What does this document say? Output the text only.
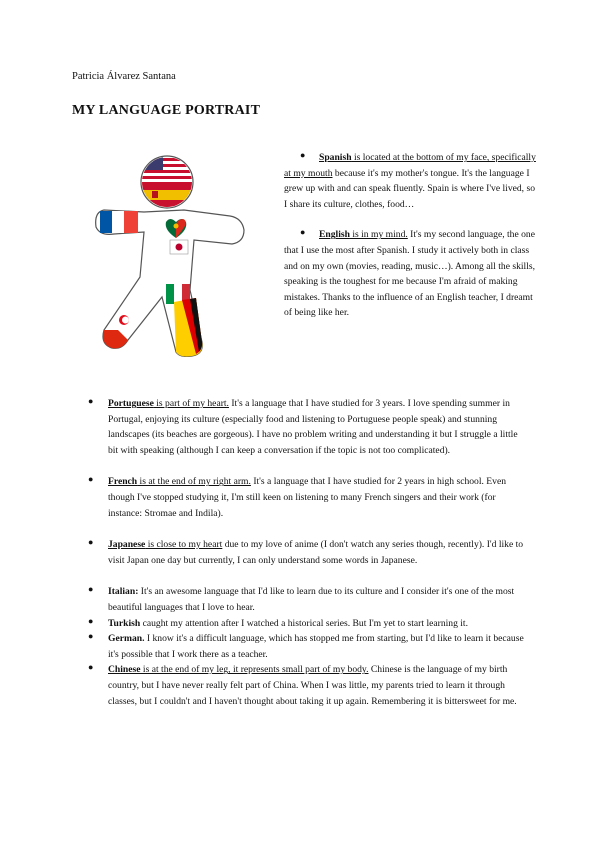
Patricia Álvarez Santana
MY LANGUAGE PORTRAIT
●	Spanish is located at the bottom of my face, specifically at my mouth because it's my mother's tongue. It's the language I grew up with and can speak fluently. Spain is where I've lived, so I share its culture, clothes, food…

●	English is in my mind. It's my second language, the one that I use the most after Spanish. I study it actively both in class and on my own (movies, reading, music…). Among all the skills, speaking is the toughest for me because I'm afraid of making mistakes. Thanks to the influence of an English teacher, I dreamt of being like her.

● Portuguese is part of my heart. It's a language that I have studied for 3 years. I love spending summer in Portugal, enjoying its culture (especially food and listening to Portuguese people speak) and stunning landscapes (its beaches are gorgeous). I have no problem writing and understanding it but I struggle a little bit with speaking (although I can keep a conversation if the topic is not too complicated).

● French is at the end of my right arm. It's a language that I have studied for 2 years in high school. Even though I've stopped studying it, I'm still keen on listening to many French singers and their work (for instance: Stromae and Indila).

● Japanese is close to my heart due to my love of anime (I don't watch any series though, recently). I'd like to visit Japan one day but currently, I can only understand some words in Japanese.

● Italian: It's an awesome language that I'd like to learn due to its culture and I consider it's one of the most beautiful languages that I love to hear.

● Turkish caught my attention after I watched a historical series. But I'm yet to start learning it.

● German. I know it's a difficult language, which has stopped me from starting, but I'd like to learn it because it's possible that I work there as a teacher.

● Chinese is at the end of my leg, it represents small part of my body. Chinese is the language of my birth country, but I have never really felt part of China. When I was little, my parents tried to learn it through classes, but I couldn't and I haven't thought about taking it up again. Remembering it is bittersweet for me.
